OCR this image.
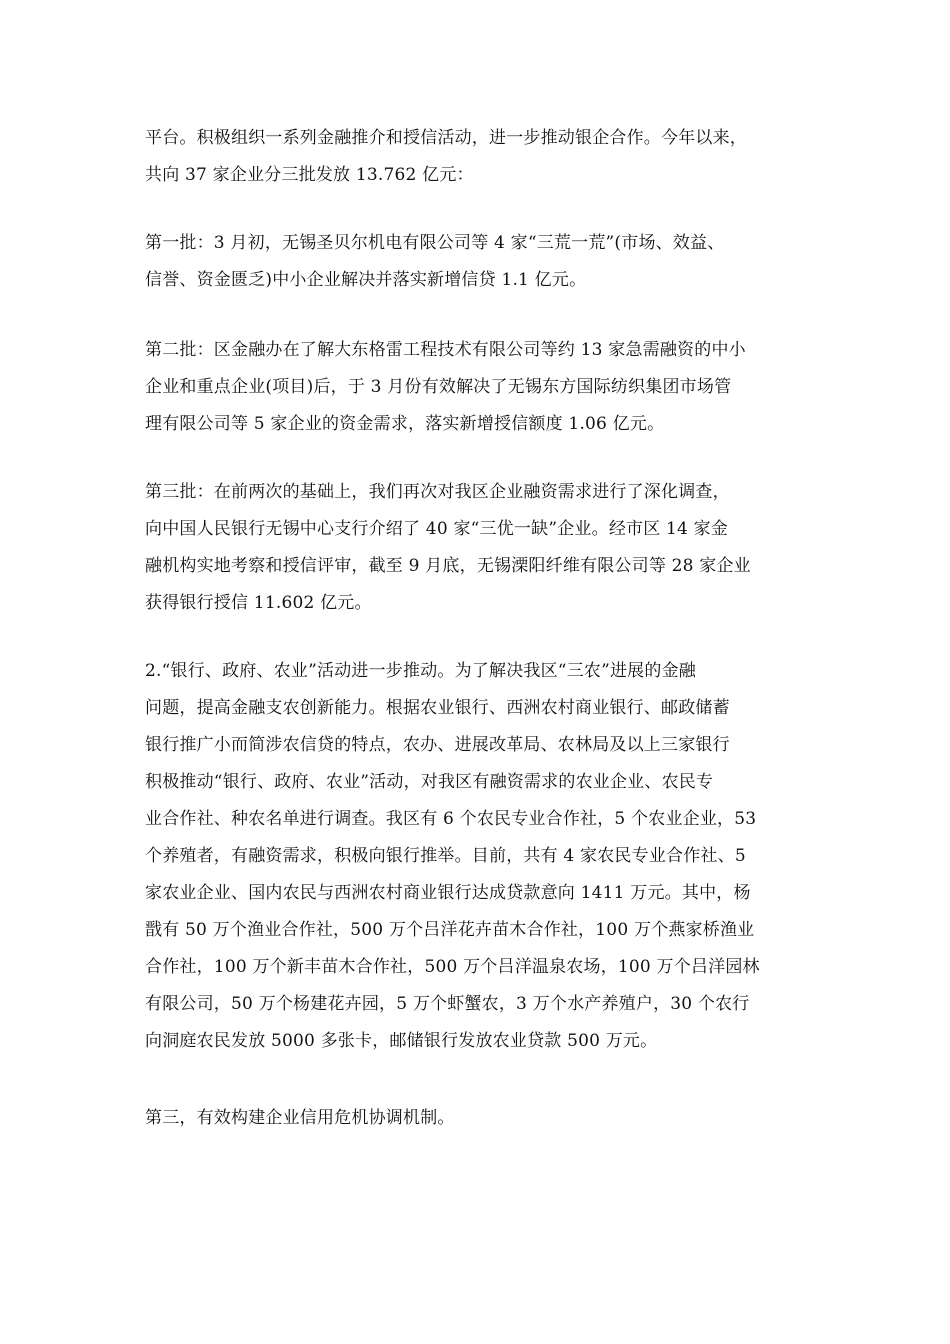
平台。积极组织一系列金融推介和授信活动，进一步推动银企合作。今年以来，
共向 37 家企业分三批发放 13.762 亿元：
第一批：3 月初，无锡圣贝尔机电有限公司等 4 家“三荒一荒”(市场、效益、
信誉、资金匮乏)中小企业解决并落实新增信贷 1.1 亿元。
第二批：区金融办在了解大东格雷工程技术有限公司等约 13 家急需融资的中小
企业和重点企业(项目)后，于 3 月份有效解决了无锡东方国际纺织集团市场管
理有限公司等 5 家企业的资金需求，落实新增授信额度 1.06 亿元。
第三批：在前两次的基础上，我们再次对我区企业融资需求进行了深化调查，
向中国人民银行无锡中心支行介绍了 40 家“三优一缺”企业。经市区 14 家金
融机构实地考察和授信评审，截至 9 月底，无锡溧阳纤维有限公司等 28 家企业
获得银行授信 11.602 亿元。
2.“银行、政府、农业”活动进一步推动。为了解决我区“三农”进展的金融
问题，提高金融支农创新能力。根据农业银行、西洲农村商业银行、邮政储蓄
银行推广小而简涉农信贷的特点，农办、进展改革局、农林局及以上三家银行
积极推动“银行、政府、农业”活动，对我区有融资需求的农业企业、农民专
业合作社、种农名单进行调查。我区有 6 个农民专业合作社，5 个农业企业，53
个养殖者，有融资需求，积极向银行推举。目前，共有 4 家农民专业合作社、5
家农业企业、国内农民与西洲农村商业银行达成贷款意向 1411 万元。其中，杨
戬有 50 万个渔业合作社，500 万个吕洋花卉苗木合作社，100 万个燕家桥渔业
合作社，100 万个新丰苗木合作社，500 万个吕洋温泉农场，100 万个吕洋园林
有限公司，50 万个杨建花卉园，5 万个虾蟹农，3 万个水产养殖户，30 个农行
向洞庭农民发放 5000 多张卡，邮储银行发放农业贷款 500 万元。
第三，有效构建企业信用危机协调机制。
